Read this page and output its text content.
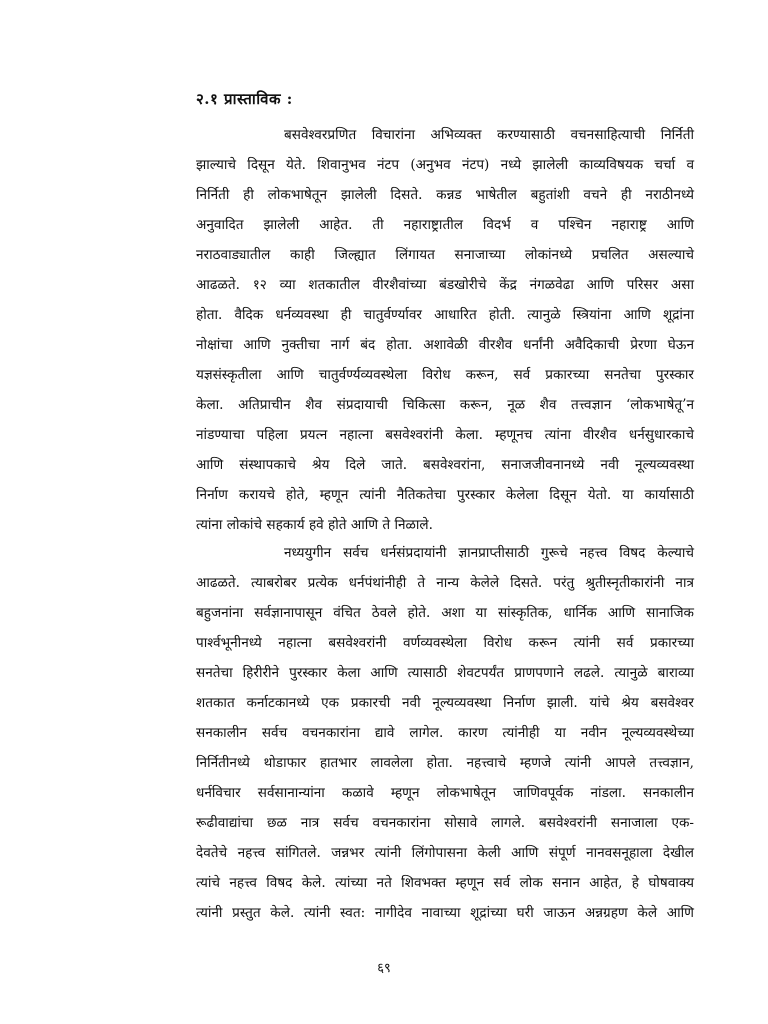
२.१ प्रास्ताविक :
बसवेश्वरप्रणित विचारांना अभिव्यक्त करण्यासाठी वचनसाहित्याची निर्निती
झाल्याचे दिसून येते. शिवानुभव नंटप (अनुभव नंटप) नध्ये झालेली काव्यविषयक चर्चा व
निर्निती ही लोकभाषेतून झालेली दिसते. कन्नड भाषेतील बहुतांशी वचने ही नराठीनध्ये
अनुवादित झालेली आहेत. ती नहाराष्ट्रातील विदर्भ व पश्चिन नहाराष्ट्र आणि
नराठवाड्यातील काही जिल्ह्यात लिंगायत सनाजाच्या लोकांनध्ये प्रचलित असल्याचे
आढळते. १२ व्या शतकातील वीरशैवांच्या बंडखोरीचे केंद्र नंगळवेढा आणि परिसर असा
होता. वैदिक धर्नव्यवस्था ही चातुर्वर्ण्यावर आधारित होती. त्यानुळे स्त्रियांना आणि शूद्रांना
नोक्षांचा आणि नुक्तीचा नार्ग बंद होता. अशावेळी वीरशैव धर्नांनी अवैदिकाची प्रेरणा घेऊन
यज्ञसंस्कृतीला आणि चातुर्वर्ण्यव्यवस्थेला विरोध करून, सर्व प्रकारच्या सनतेचा पुरस्कार
केला. अतिप्राचीन शैव संप्रदायाची चिकित्सा करून, नूळ शैव तत्त्वज्ञान ‘लोकभाषेतू’न
नांडण्याचा पहिला प्रयत्न नहात्ना बसवेश्वरांनी केला. म्हणूनच त्यांना वीरशैव धर्नसुधारकाचे
आणि संस्थापकाचे श्रेय दिले जाते. बसवेश्वरांना, सनाजजीवनानध्ये नवी नूल्यव्यवस्था
निर्नाण करायचे होते, म्हणून त्यांनी नैतिकतेचा पुरस्कार केलेला दिसून येतो. या कार्यासाठी
त्यांना लोकांचे सहकार्य हवे होते आणि ते निळाले.
नध्ययुगीन सर्वच धर्नसंप्रदायांनी ज्ञानप्राप्तीसाठी गुरूचे नहत्त्व विषद केल्याचे
आढळते. त्याबरोबर प्रत्येक धर्नपंथांनीही ते नान्य केलेले दिसते. परंतु श्रुतीस्नृतीकारांनी नात्र
बहुजनांना सर्वज्ञानापासून वंचित ठेवले होते. अशा या सांस्कृतिक, धार्निक आणि सानाजिक
पार्श्वभूनीनध्ये नहात्ना बसवेश्वरांनी वर्णव्यवस्थेला विरोध करून त्यांनी सर्व प्रकारच्या
सनतेचा हिरीरीने पुरस्कार केला आणि त्यासाठी शेवटपर्यंत प्राणपणाने लढले. त्यानुळे बाराव्या
शतकात कर्नाटकानध्ये एक प्रकारची नवी नूल्यव्यवस्था निर्नाण झाली. यांचे श्रेय बसवेश्वर
सनकालीन सर्वच वचनकारांना द्यावे लागेल. कारण त्यांनीही या नवीन नूल्यव्यवस्थेच्या
निर्नितीनध्ये थोडाफार हातभार लावलेला होता. नहत्त्वाचे म्हणजे त्यांनी आपले तत्त्वज्ञान,
धर्नविचार सर्वसानान्यांना कळावे म्हणून लोकभाषेतून जाणिवपूर्वक नांडला. सनकालीन
रूढीवाद्यांचा छळ नात्र सर्वच वचनकारांना सोसावे लागले. बसवेश्वरांनी सनाजाला एक-
देवतेचे नहत्त्व सांगितले. जन्नभर त्यांनी लिंगोपासना केली आणि संपूर्ण नानवसनूहाला देखील
त्यांचे नहत्त्व विषद केले. त्यांच्या नते शिवभक्त म्हणून सर्व लोक सनान आहेत, हे घोषवाक्य
त्यांनी प्रस्तुत केले. त्यांनी स्वत: नागीदेव नावाच्या शूद्रांच्या घरी जाऊन अन्नग्रहण केले आणि
६९
